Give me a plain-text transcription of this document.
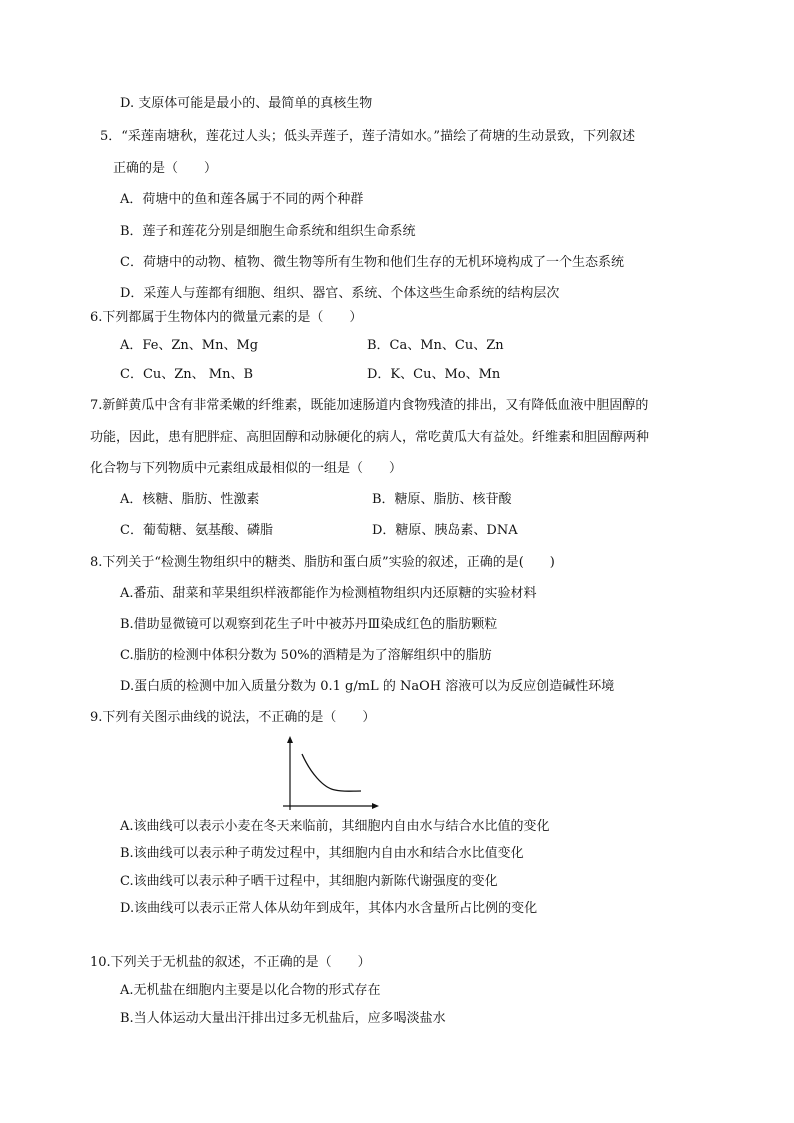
D. 支原体可能是最小的、最简单的真核生物
5．“采莲南塘秋，莲花过人头；低头弄莲子，莲子清如水。”描绘了荷塘的生动景致，下列叙述
正确的是（　　）
A．荷塘中的鱼和莲各属于不同的两个种群
B．莲子和莲花分别是细胞生命系统和组织生命系统
C．荷塘中的动物、植物、微生物等所有生物和他们生存的无机环境构成了一个生态系统
D．采莲人与莲都有细胞、组织、器官、系统、个体这些生命系统的结构层次
6.下列都属于生物体内的微量元素的是（　　）
A．Fe、Zn、Mn、Mg	B．Ca、Mn、Cu、Zn
C．Cu、Zn、 Mn、B	D．K、Cu、Mo、Mn
7.新鲜黄瓜中含有非常柔嫩的纤维素，既能加速肠道内食物残渣的排出，又有降低血液中胆固醇的
功能，因此，患有肥胖症、高胆固醇和动脉硬化的病人，常吃黄瓜大有益处。纤维素和胆固醇两种
化合物与下列物质中元素组成最相似的一组是（　　）
A．核糖、脂肪、性激素	B．糖原、脂肪、核苷酸
C．葡萄糖、氨基酸、磷脂	D．糖原、胰岛素、DNA
8.下列关于“检测生物组织中的糖类、脂肪和蛋白质”实验的叙述，正确的是(　　)
A.番茄、甜菜和苹果组织样液都能作为检测植物组织内还原糖的实验材料
B.借助显微镜可以观察到花生子叶中被苏丹Ⅲ染成红色的脂肪颗粒
C.脂肪的检测中体积分数为 50%的酒精是为了溶解组织中的脂肪
D.蛋白质的检测中加入质量分数为 0.1 g/mL 的 NaOH 溶液可以为反应创造碱性环境
9.下列有关图示曲线的说法，不正确的是（　　）
A.该曲线可以表示小麦在冬天来临前，其细胞内自由水与结合水比值的变化
B.该曲线可以表示种子萌发过程中，其细胞内自由水和结合水比值变化
C.该曲线可以表示种子晒干过程中，其细胞内新陈代谢强度的变化
D.该曲线可以表示正常人体从幼年到成年，其体内水含量所占比例的变化
10.下列关于无机盐的叙述，不正确的是（　　）
A.无机盐在细胞内主要是以化合物的形式存在
B.当人体运动大量出汗排出过多无机盐后，应多喝淡盐水
